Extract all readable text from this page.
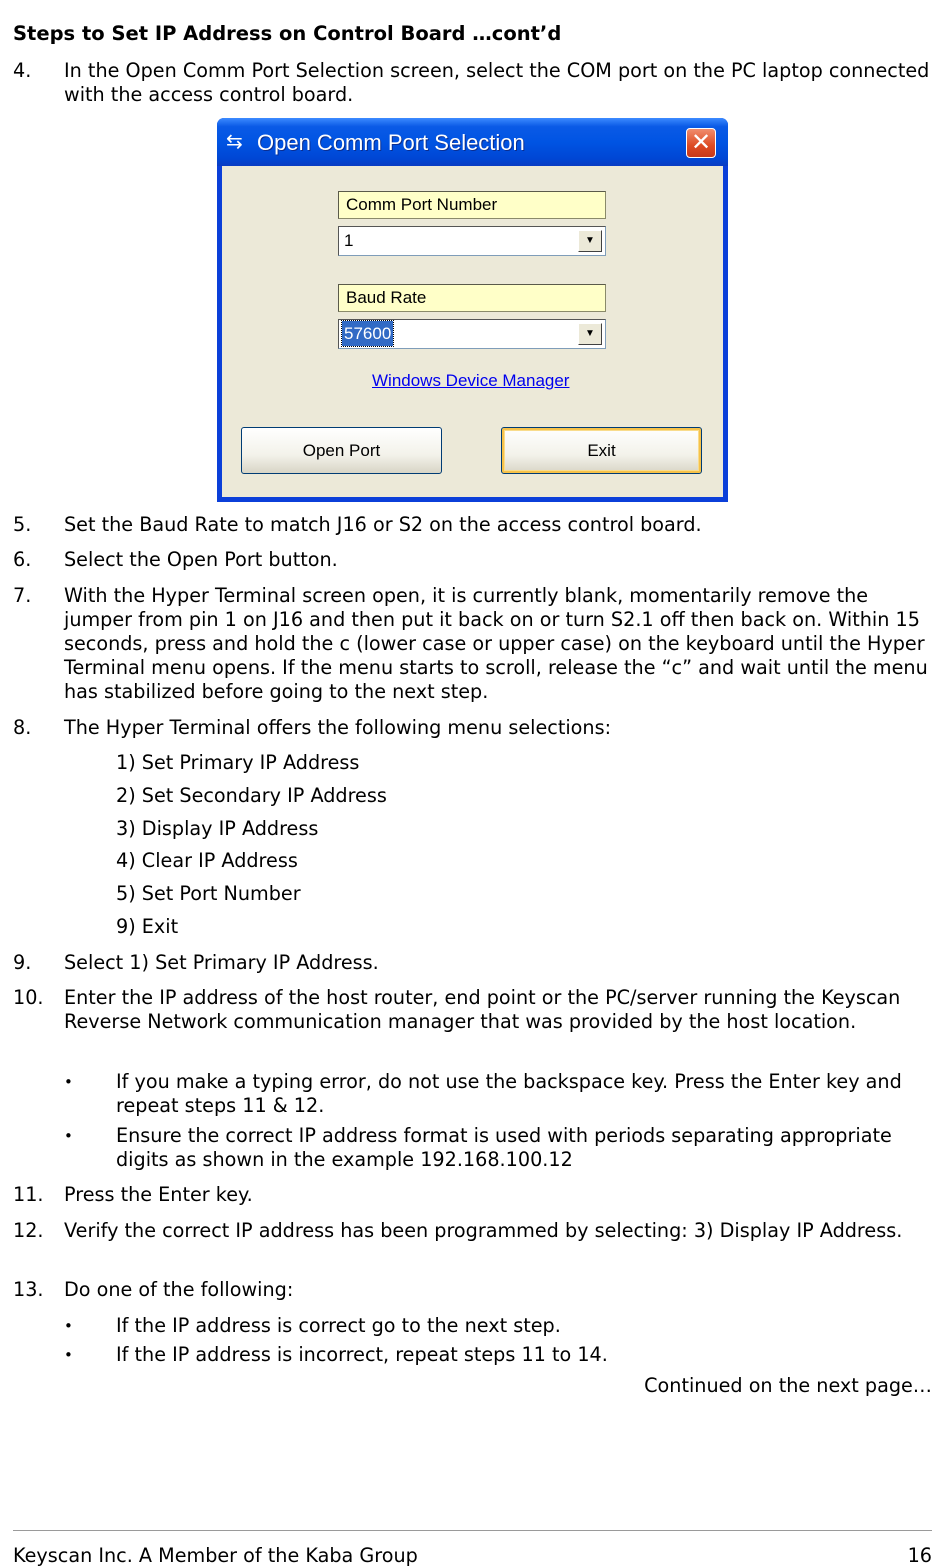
Steps to Set IP Address on Control Board …cont’d
4. In the Open Comm Port Selection screen, select the COM port on the PC laptop connected with the access control board.
⇆ Open Comm Port Selection	✕
Comm Port Number
1	▼
Baud Rate
57600	▼
Windows Device Manager
Open Port	Exit
5. Set the Baud Rate to match J16 or S2 on the access control board.
6. Select the Open Port button.
7. With the Hyper Terminal screen open, it is currently blank, momentarily remove the jumper from pin 1 on J16 and then put it back on or turn S2.1 off then back on. Within 15 seconds, press and hold the c (lower case or upper case) on the keyboard until the Hyper Terminal menu opens. If the menu starts to scroll, release the “c” and wait until the menu has stabilized before going to the next step.
8. The Hyper Terminal offers the following menu selections:
1) Set Primary IP Address
2) Set Secondary IP Address
3) Display IP Address
4) Clear IP Address
5) Set Port Number
9) Exit
9. Select 1) Set Primary IP Address.
10. Enter the IP address of the host router, end point or the PC/server running the Keyscan Reverse Network communication manager that was provided by the host location.
• If you make a typing error, do not use the backspace key. Press the Enter key and repeat steps 11 & 12.
• Ensure the correct IP address format is used with periods separating appropriate digits as shown in the example 192.168.100.12
11. Press the Enter key.
12. Verify the correct IP address has been programmed by selecting: 3) Display IP Address.
13. Do one of the following:
• If the IP address is correct go to the next step.
• If the IP address is incorrect, repeat steps 11 to 14.
Continued on the next page…
Keyscan Inc. A Member of the Kaba Group	16
